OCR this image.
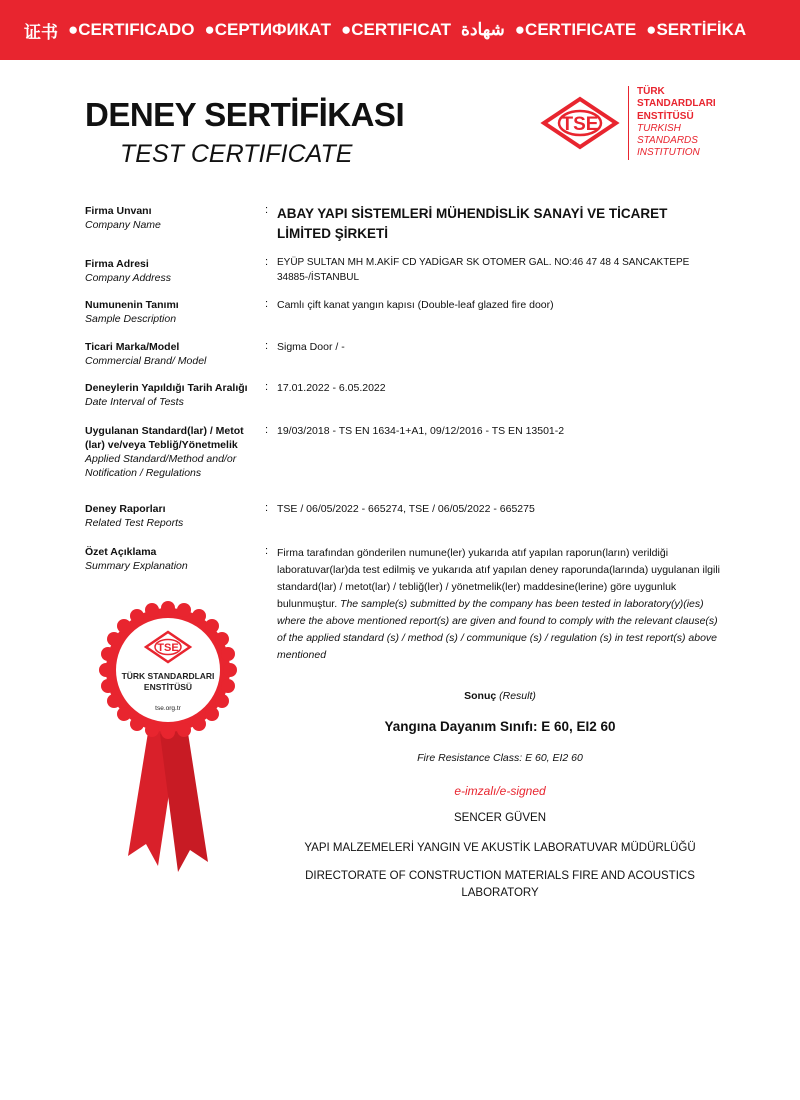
证书 ●CERTIFICADO ●СЕРТИФИКАТ ●CERTIFICAT شهادة ●CERTIFICATE ●SERTİFİKA
DENEY SERTİFİKASI
TEST CERTIFICATE
TSE
TÜRK
STANDARDLARI
ENSTİTÜSÜ
TURKISH
STANDARDS
INSTITUTION
Firma Unvanı
Company Name
: ABAY YAPI SİSTEMLERİ MÜHENDİSLİK SANAYİ VE TİCARET LİMİTED ŞİRKETİ
Firma Adresi
Company Address
: EYÜP SULTAN MH M.AKİF CD YADİGAR SK OTOMER GAL. NO:46 47 48 4 SANCAKTEPE
34885-/İSTANBUL
Numunenin Tanımı
Sample Description
: Camlı çift kanat yangın kapısı (Double-leaf glazed fire door)
Ticari Marka/Model
Commercial Brand/ Model
: Sigma Door / -
Deneylerin Yapıldığı Tarih Aralığı
Date Interval of Tests
: 17.01.2022 - 6.05.2022
Uygulanan Standard(lar) / Metot
(lar) ve/veya Tebliğ/Yönetmelik
Applied Standard/Method and/or
Notification / Regulations
: 19/03/2018 - TS EN 1634-1+A1, 09/12/2016 - TS EN 13501-2
Deney Raporları
Related Test Reports
: TSE / 06/05/2022 - 665274, TSE / 06/05/2022 - 665275
Özet Açıklama
Summary Explanation
: Firma tarafından gönderilen numune(ler) yukarıda atıf yapılan raporun(ların) verildiği laboratuvar(lar)da test edilmiş ve yukarıda atıf yapılan deney raporunda(larında) uygulanan ilgili standard(lar) / metot(lar) / tebliğ(ler) / yönetmelik(ler) maddesine(lerine) göre uygunluk bulunmuştur. The sample(s) submitted by the company has been tested in laboratory(y)(ies) where the above mentioned report(s) are given and found to comply with the relevant clause(s) of the applied standard (s) / method (s) / communique (s) / regulation (s) in test report(s) above mentioned
Sonuç (Result)
Yangına Dayanım Sınıfı: E 60, EI2 60
Fire Resistance Class: E 60, EI2 60
e-imzalı/e-signed
SENCER GÜVEN
YAPI MALZEMELERİ YANGIN VE AKUSTİK LABORATUVAR MÜDÜRLÜĞÜ
DIRECTORATE OF CONSTRUCTION MATERIALS FIRE AND ACOUSTICS LABORATORY
TSE
TÜRK STANDARDLARI
ENSTİTÜSÜ
tse.org.tr
